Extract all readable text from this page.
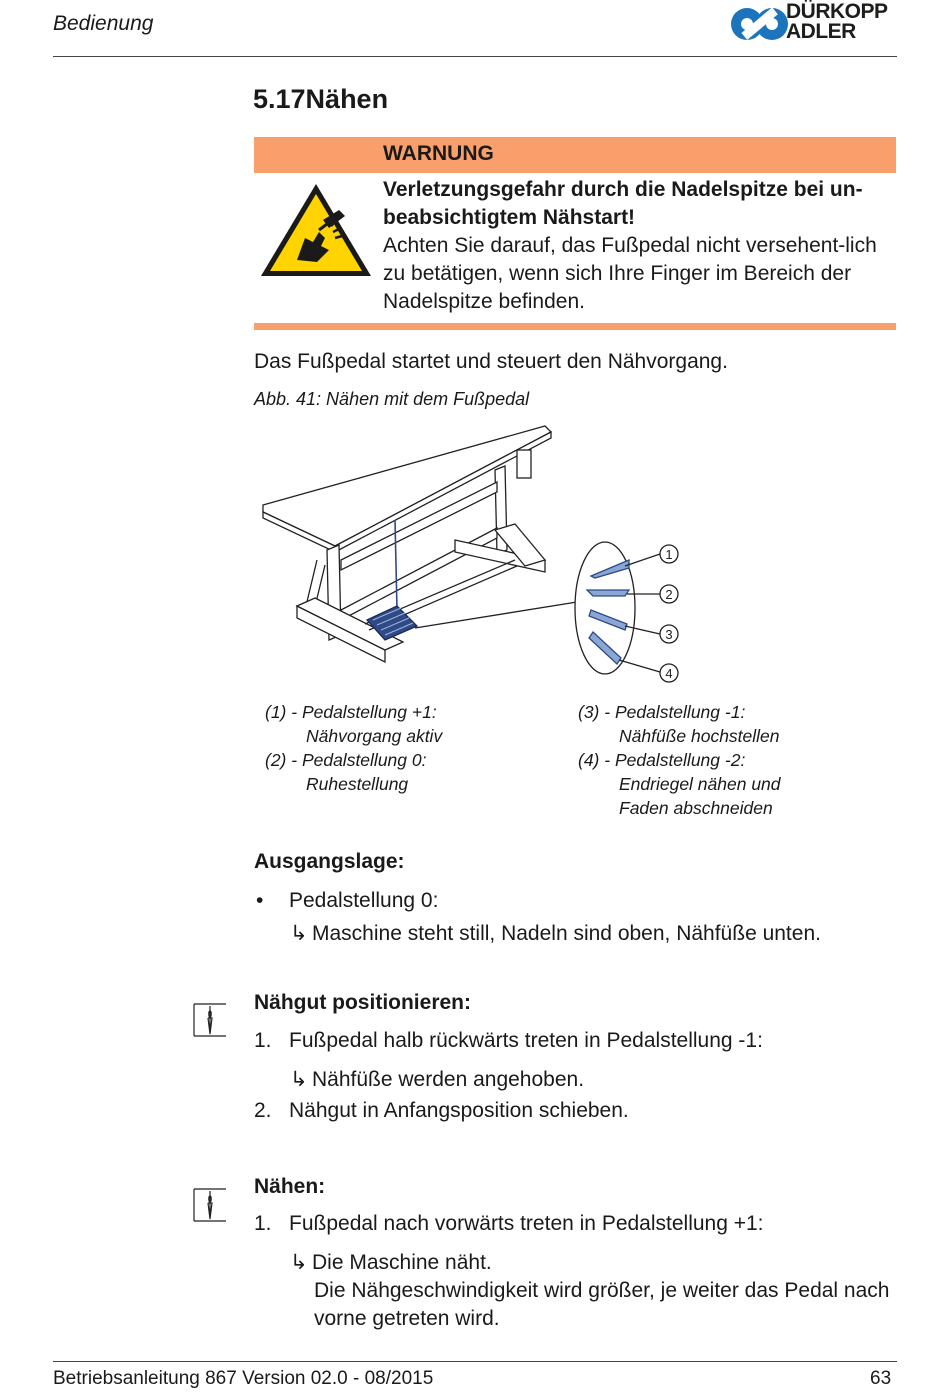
Bedienung
DÜRKOPP
ADLER
5.17Nähen
WARNUNG
Verletzungsgefahr durch die Nadelspitze bei un-beabsichtigtem Nähstart!
Achten Sie darauf, das Fußpedal nicht versehent-lich zu betätigen, wenn sich Ihre Finger im Bereich der Nadelspitze befinden.
Das Fußpedal startet und steuert den Nähvorgang.
Abb. 41: Nähen mit dem Fußpedal
1
2
3
4
(1) - Pedalstellung +1:
Nähvorgang aktiv
(2) - Pedalstellung 0:
Ruhestellung
(3) - Pedalstellung -1:
Nähfüße hochstellen
(4) - Pedalstellung -2:
Endriegel nähen und
Faden abschneiden
Ausgangslage:
• Pedalstellung 0:
↳ Maschine steht still, Nadeln sind oben, Nähfüße unten.
Nähgut positionieren:
1. Fußpedal halb rückwärts treten in Pedalstellung -1:
↳ Nähfüße werden angehoben.
2. Nähgut in Anfangsposition schieben.
Nähen:
1. Fußpedal nach vorwärts treten in Pedalstellung +1:
↳ Die Maschine näht.
Die Nähgeschwindigkeit wird größer, je weiter das Pedal nach vorne getreten wird.
Betriebsanleitung 867 Version 02.0 - 08/2015	63
